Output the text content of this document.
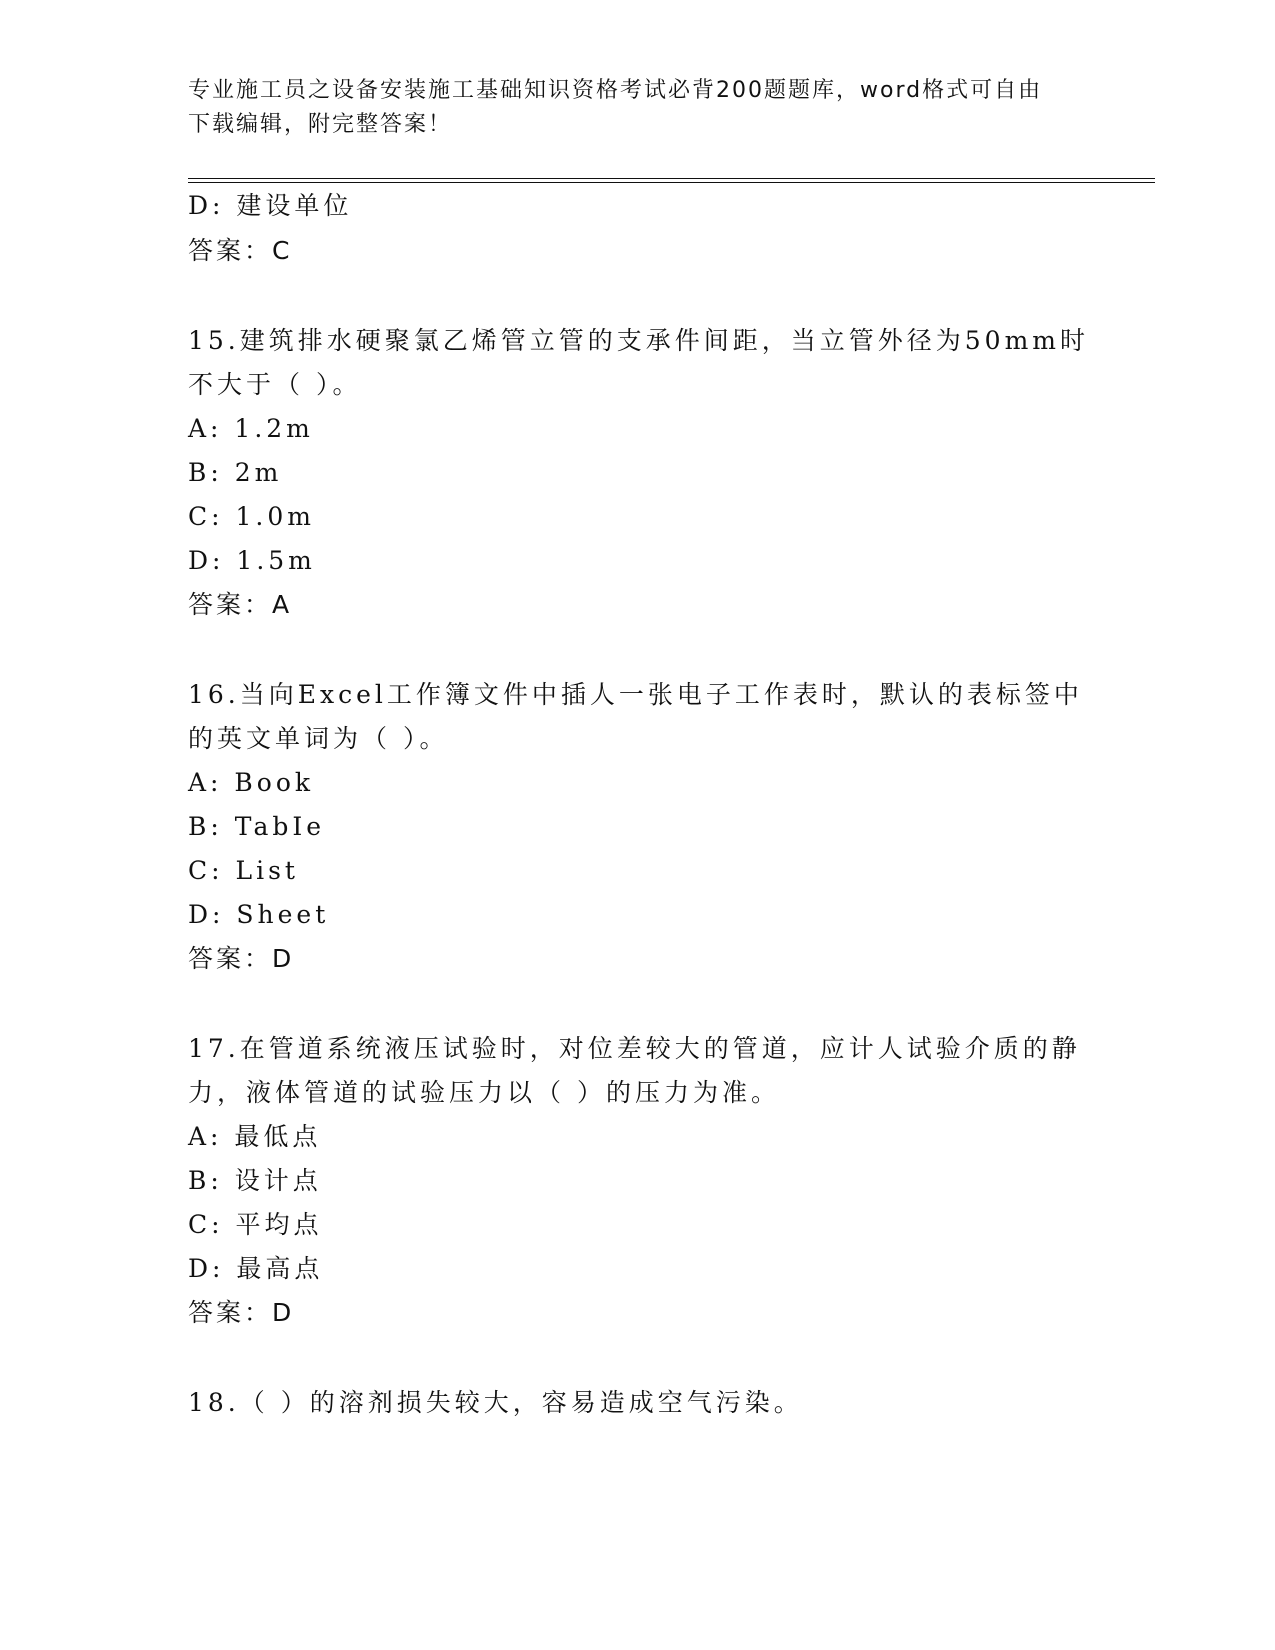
专业施工员之设备安装施工基础知识资格考试必背200题题库，word格式可自由
下载编辑，附完整答案！
D: 建设单位
答案：C
15.建筑排水硬聚氯乙烯管立管的支承件间距，当立管外径为50mm时
不大于（ ）。
A: 1.2m
B: 2m
C: 1.0m
D: 1.5m
答案：A
16.当向Excel工作簿文件中插人一张电子工作表时，默认的表标签中
的英文单词为（ ）。
A: Book
B: TabIe
C: List
D: Sheet
答案：D
17.在管道系统液压试验时，对位差较大的管道，应计人试验介质的静
力，液体管道的试验压力以（ ）的压力为准。
A: 最低点
B: 设计点
C: 平均点
D: 最高点
答案：D
18.（ ）的溶剂损失较大，容易造成空气污染。
